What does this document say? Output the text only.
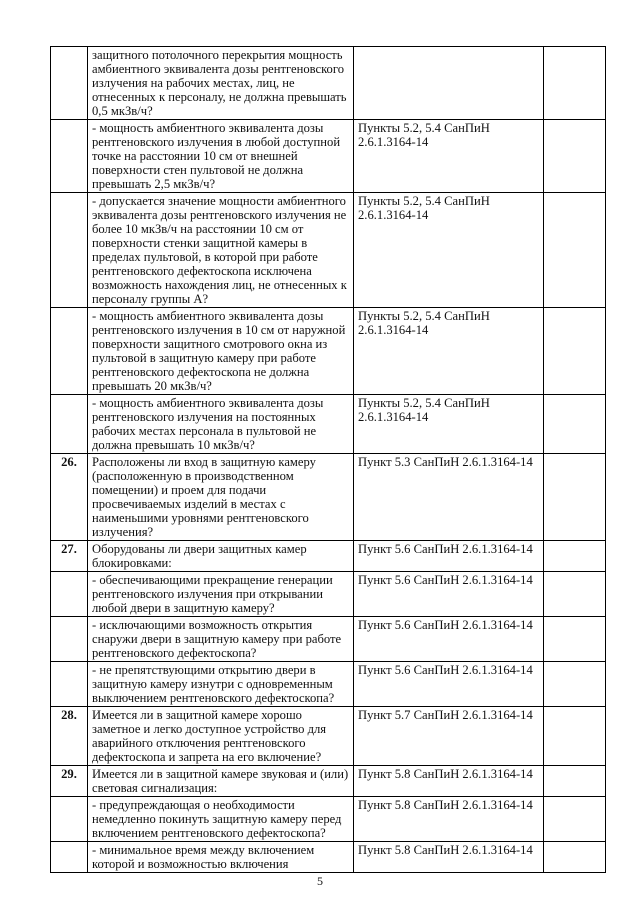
	защитного потолочного перекрытия мощность амбиентного эквивалента дозы рентгеновского излучения на рабочих местах, лиц, не отнесенных к персоналу, не должна превышать 0,5 мкЗв/ч?		
	- мощность амбиентного эквивалента дозы рентгеновского излучения в любой доступной точке на расстоянии 10 см от внешней поверхности стен пультовой не должна превышать 2,5 мкЗв/ч?	Пункты 5.2, 5.4 СанПиН 2.6.1.3164-14	
	- допускается значение мощности амбиентного эквивалента дозы рентгеновского излучения не более 10 мкЗв/ч на расстоянии 10 см от поверхности стенки защитной камеры в пределах пультовой, в которой при работе рентгеновского дефектоскопа исключена возможность нахождения лиц, не отнесенных к персоналу группы А?	Пункты 5.2, 5.4 СанПиН 2.6.1.3164-14	
	- мощность амбиентного эквивалента дозы рентгеновского излучения в 10 см от наружной поверхности защитного смотрового окна из пультовой в защитную камеру при работе рентгеновского дефектоскопа не должна превышать 20 мкЗв/ч?	Пункты 5.2, 5.4 СанПиН 2.6.1.3164-14	
	- мощность амбиентного эквивалента дозы рентгеновского излучения на постоянных рабочих местах персонала в пультовой не должна превышать 10 мкЗв/ч?	Пункты 5.2, 5.4 СанПиН 2.6.1.3164-14	
26.	Расположены ли вход в защитную камеру (расположенную в производственном помещении) и проем для подачи просвечиваемых изделий в местах с наименьшими уровнями рентгеновского излучения?	Пункт 5.3 СанПиН 2.6.1.3164-14	
27.	Оборудованы ли двери защитных камер блокировками:	Пункт 5.6 СанПиН 2.6.1.3164-14	
	- обеспечивающими прекращение генерации рентгеновского излучения при открывании любой двери в защитную камеру?	Пункт 5.6 СанПиН 2.6.1.3164-14	
	- исключающими возможность открытия снаружи двери в защитную камеру при работе рентгеновского дефектоскопа?	Пункт 5.6 СанПиН 2.6.1.3164-14	
	- не препятствующими открытию двери в защитную камеру изнутри с одновременным выключением рентгеновского дефектоскопа?	Пункт 5.6 СанПиН 2.6.1.3164-14	
28.	Имеется ли в защитной камере хорошо заметное и легко доступное устройство для аварийного отключения рентгеновского дефектоскопа и запрета на его включение?	Пункт 5.7 СанПиН 2.6.1.3164-14	
29.	Имеется ли в защитной камере звуковая и (или) световая сигнализация:	Пункт 5.8 СанПиН 2.6.1.3164-14	
	- предупреждающая о необходимости немедленно покинуть защитную камеру перед включением рентгеновского дефектоскопа?	Пункт 5.8 СанПиН 2.6.1.3164-14	
	- минимальное время между включением которой и возможностью включения	Пункт 5.8 СанПиН 2.6.1.3164-14	
5
